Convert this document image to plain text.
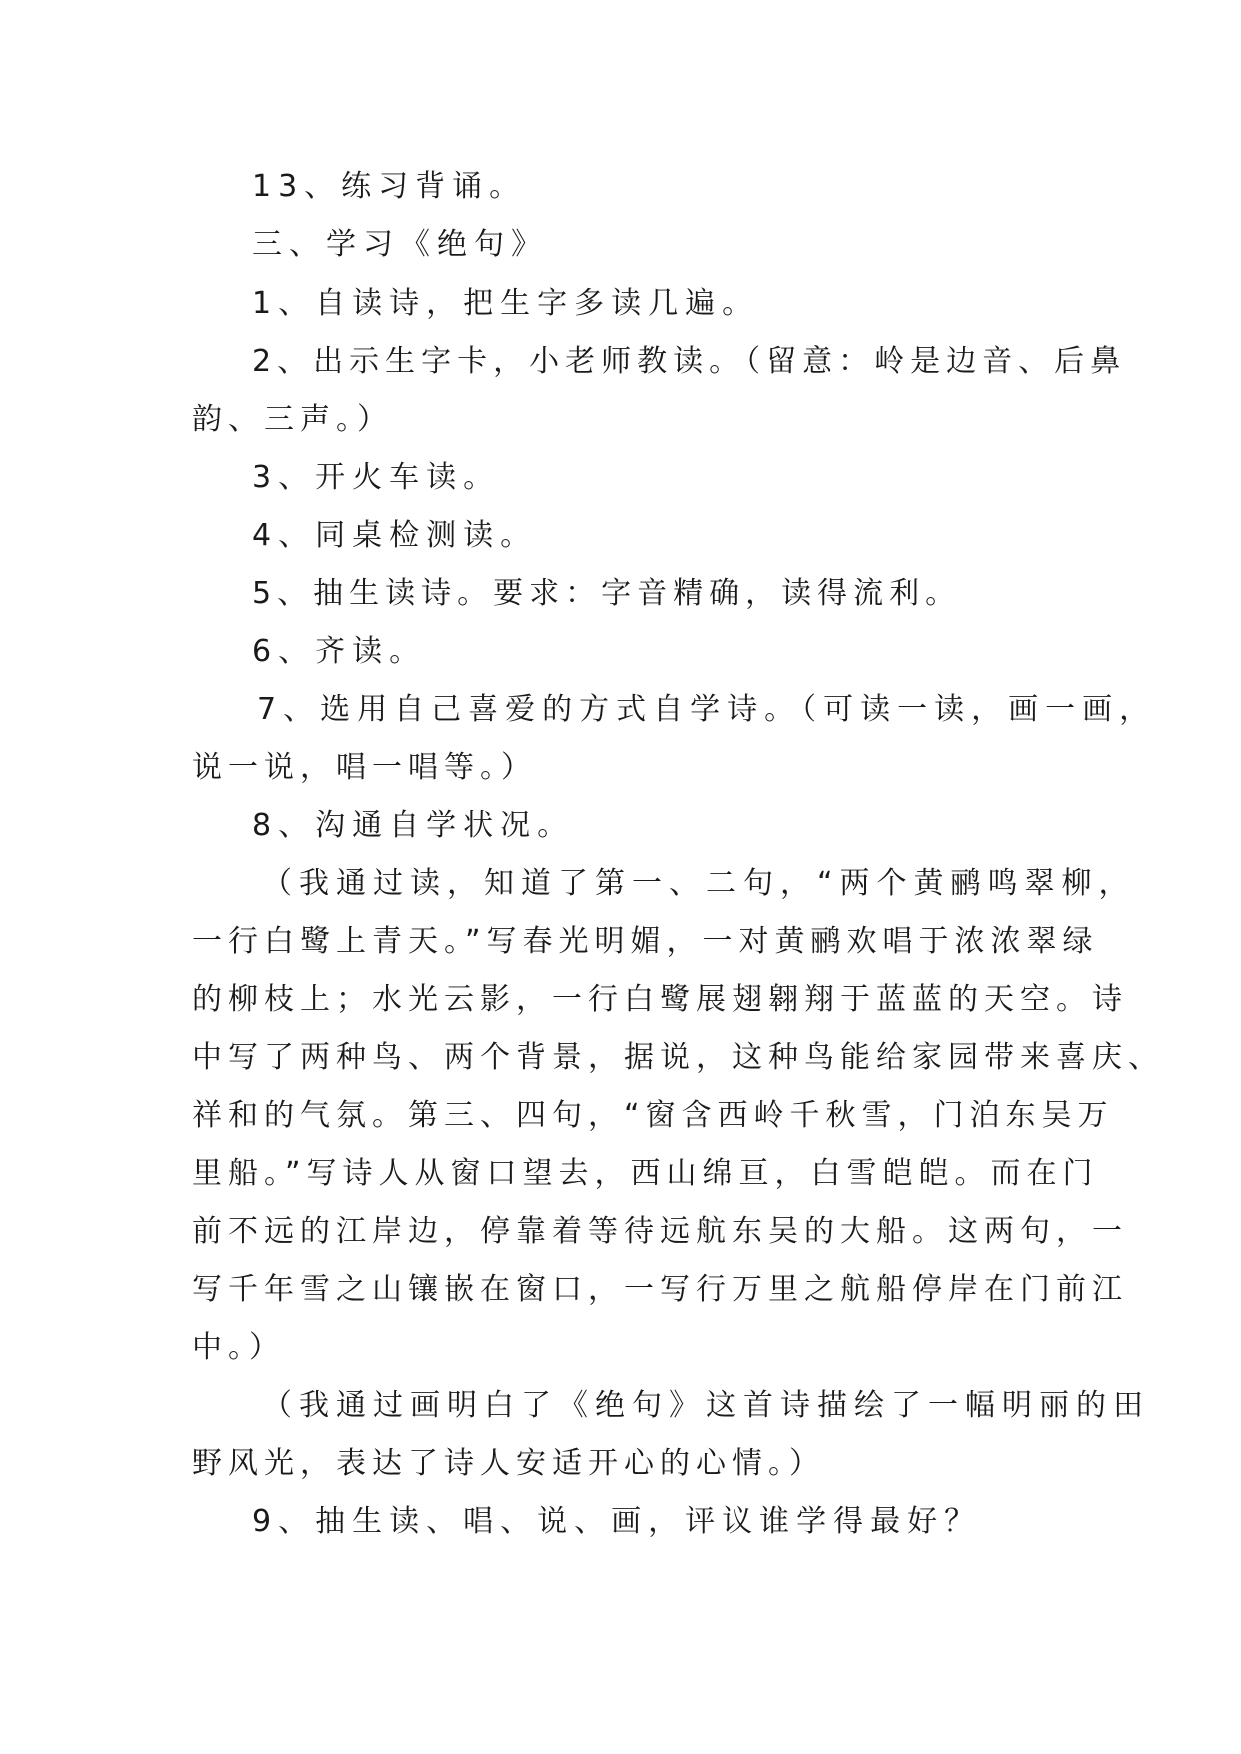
13、练习背诵。

三、学习《绝句》

1、自读诗，把生字多读几遍。

2、出示生字卡，小老师教读。（留意：岭是边音、后鼻

韵、三声。）

3、开火车读。

4、同桌检测读。

5、抽生读诗。要求：字音精确，读得流利。

6、齐读。

7、选用自己喜爱的方式自学诗。（可读一读，画一画，

说一说，唱一唱等。）

8、沟通自学状况。

（我通过读，知道了第一、二句，“两个黄鹂鸣翠柳，

一行白鹭上青天。”写春光明媚，一对黄鹂欢唱于浓浓翠绿

的柳枝上；水光云影，一行白鹭展翅翱翔于蓝蓝的天空。诗

中写了两种鸟、两个背景，据说，这种鸟能给家园带来喜庆、

祥和的气氛。第三、四句，“窗含西岭千秋雪，门泊东吴万

里船。”写诗人从窗口望去，西山绵亘，白雪皑皑。而在门

前不远的江岸边，停靠着等待远航东吴的大船。这两句，一

写千年雪之山镶嵌在窗口，一写行万里之航船停岸在门前江

中。）

（我通过画明白了《绝句》这首诗描绘了一幅明丽的田

野风光，表达了诗人安适开心的心情。）

9、抽生读、唱、说、画，评议谁学得最好？
